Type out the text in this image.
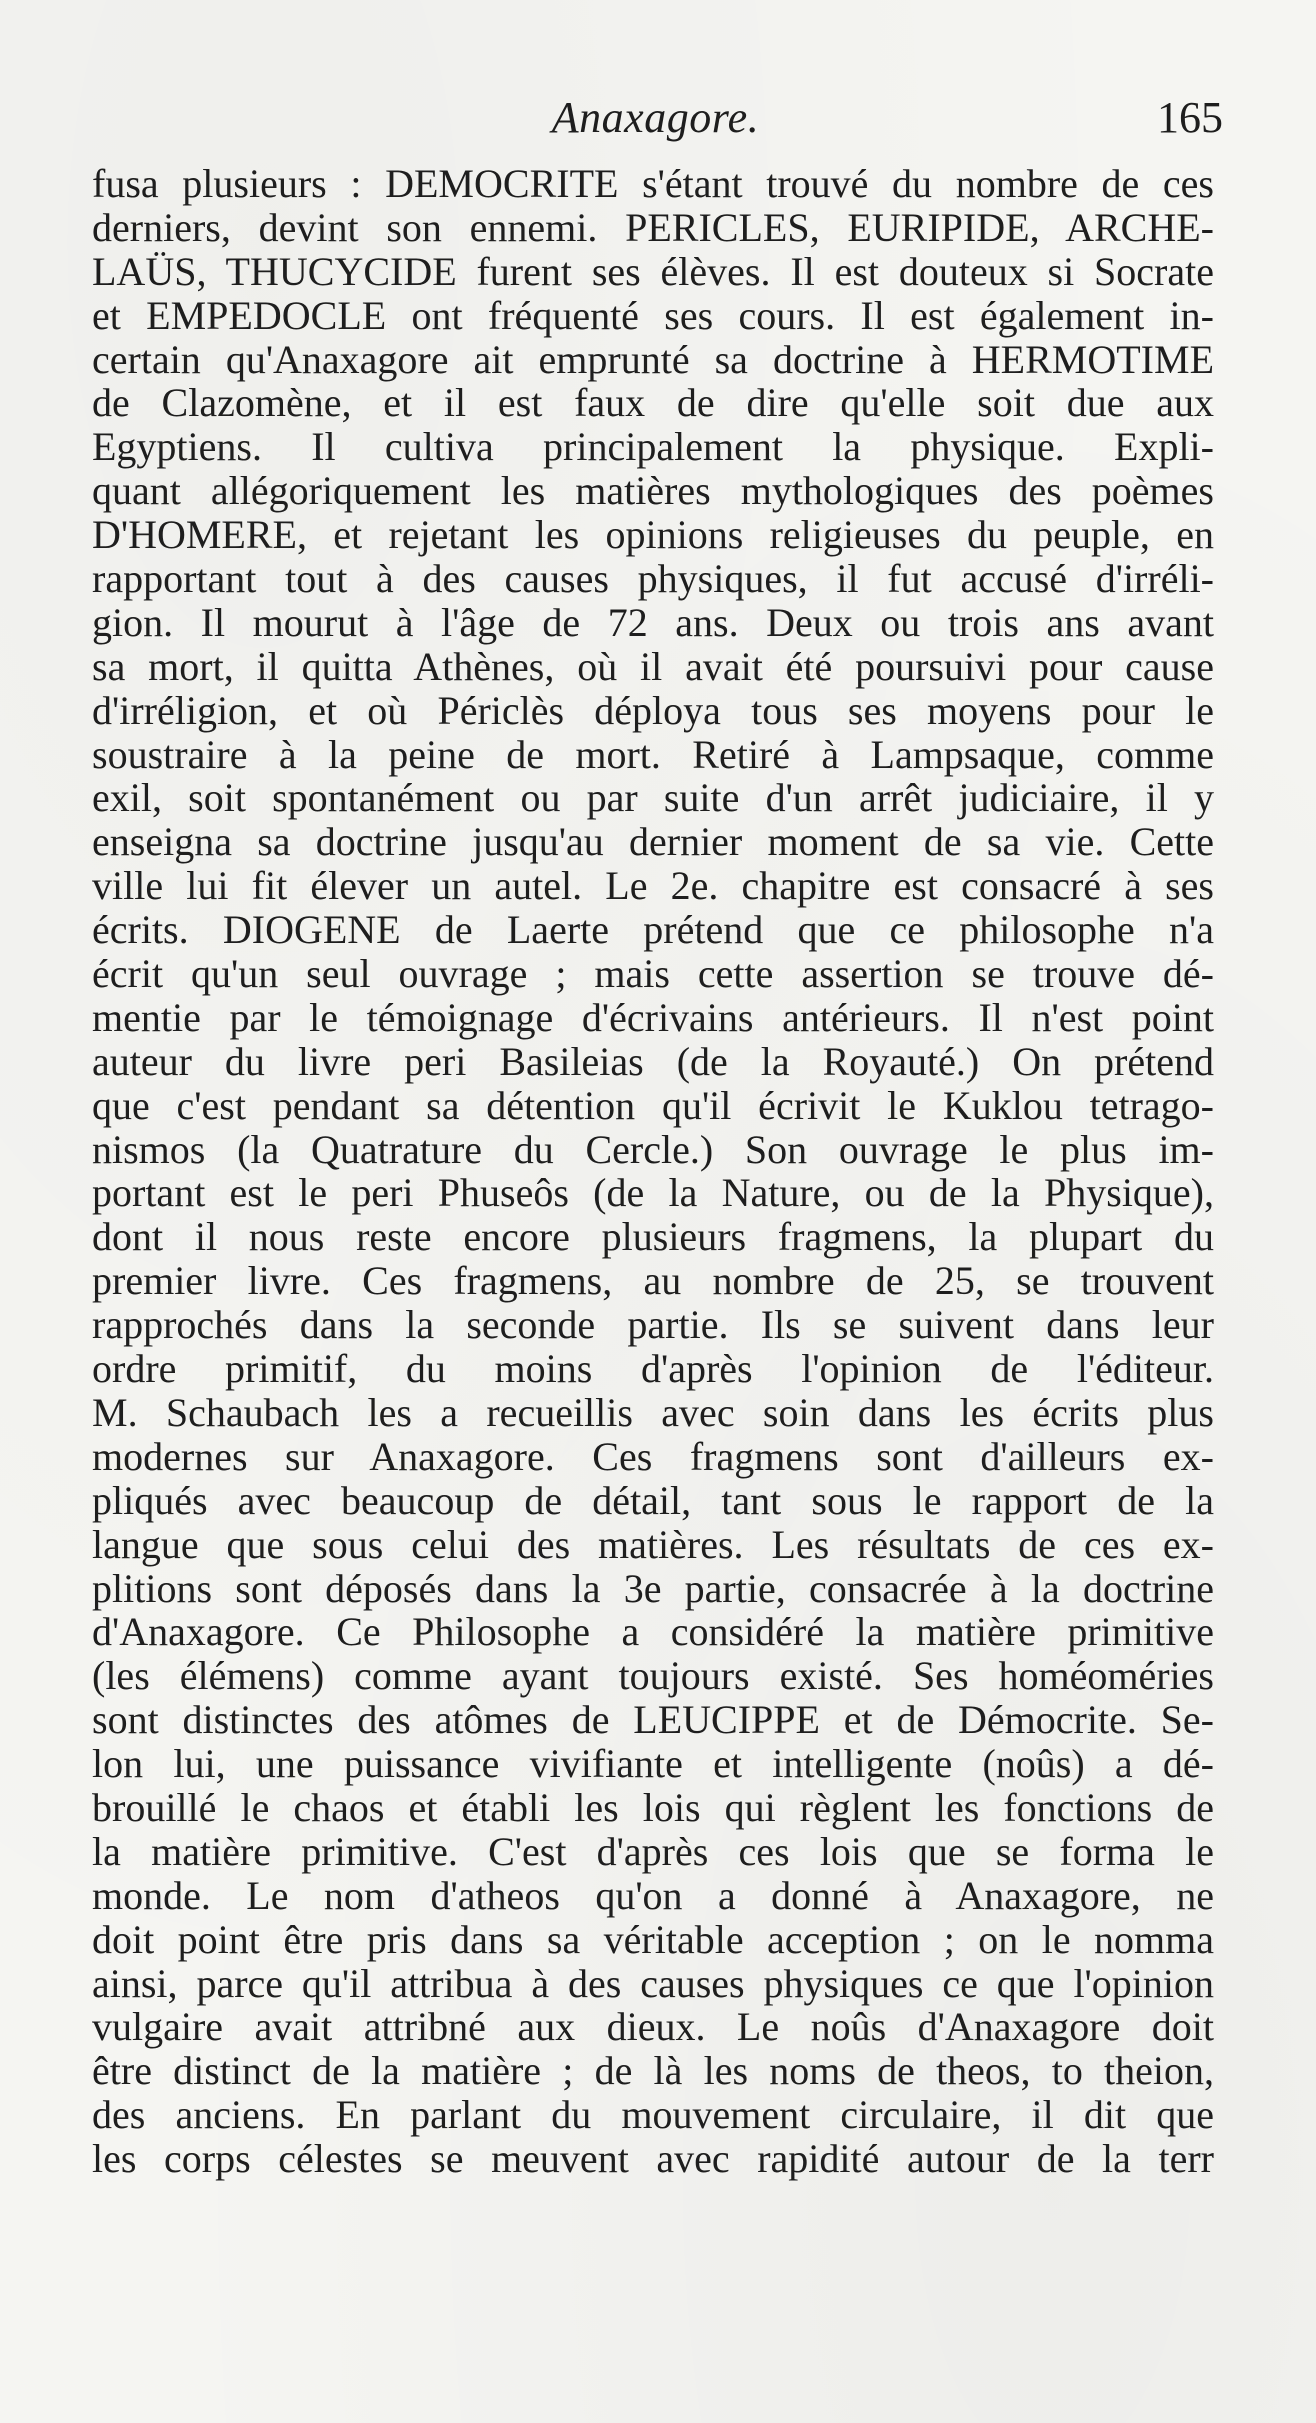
Anaxagore.	165
fusa plusieurs : DEMOCRITE s'étant trouvé du nombre de ces
derniers, devint son ennemi. PERICLES, EURIPIDE, ARCHE-
LAÜS, THUCYCIDE furent ses élèves. Il est douteux si Socrate
et EMPEDOCLE ont fréquenté ses cours. Il est également in-
certain qu'Anaxagore ait emprunté sa doctrine à HERMOTIME
de Clazomène, et il est faux de dire qu'elle soit due aux
Egyptiens. Il cultiva principalement la physique. Expli-
quant allégoriquement les matières mythologiques des poèmes
D'HOMERE, et rejetant les opinions religieuses du peuple, en
rapportant tout à des causes physiques, il fut accusé d'irréli-
gion. Il mourut à l'âge de 72 ans. Deux ou trois ans avant
sa mort, il quitta Athènes, où il avait été poursuivi pour cause
d'irréligion, et où Périclès déploya tous ses moyens pour le
soustraire à la peine de mort. Retiré à Lampsaque, comme
exil, soit spontanément ou par suite d'un arrêt judiciaire, il y
enseigna sa doctrine jusqu'au dernier moment de sa vie. Cette
ville lui fit élever un autel. Le 2e. chapitre est consacré à ses
écrits. DIOGENE de Laerte prétend que ce philosophe n'a
écrit qu'un seul ouvrage ; mais cette assertion se trouve dé-
mentie par le témoignage d'écrivains antérieurs. Il n'est point
auteur du livre peri Basileias (de la Royauté.) On prétend
que c'est pendant sa détention qu'il écrivit le Kuklou tetrago-
nismos (la Quatrature du Cercle.) Son ouvrage le plus im-
portant est le peri Phuseôs (de la Nature, ou de la Physique),
dont il nous reste encore plusieurs fragmens, la plupart du
premier livre. Ces fragmens, au nombre de 25, se trouvent
rapprochés dans la seconde partie. Ils se suivent dans leur
ordre primitif, du moins d'après l'opinion de l'éditeur.
M. Schaubach les a recueillis avec soin dans les écrits plus
modernes sur Anaxagore. Ces fragmens sont d'ailleurs ex-
pliqués avec beaucoup de détail, tant sous le rapport de la
langue que sous celui des matières. Les résultats de ces ex-
plitions sont déposés dans la 3e partie, consacrée à la doctrine
d'Anaxagore. Ce Philosophe a considéré la matière primitive
(les élémens) comme ayant toujours existé. Ses homéoméries
sont distinctes des atômes de LEUCIPPE et de Démocrite. Se-
lon lui, une puissance vivifiante et intelligente (noûs) a dé-
brouillé le chaos et établi les lois qui règlent les fonctions de
la matière primitive. C'est d'après ces lois que se forma le
monde. Le nom d'atheos qu'on a donné à Anaxagore, ne
doit point être pris dans sa véritable acception ; on le nomma
ainsi, parce qu'il attribua à des causes physiques ce que l'opinion
vulgaire avait attribné aux dieux. Le noûs d'Anaxagore doit
être distinct de la matière ; de là les noms de theos, to theion,
des anciens. En parlant du mouvement circulaire, il dit que
les corps célestes se meuvent avec rapidité autour de la terr
